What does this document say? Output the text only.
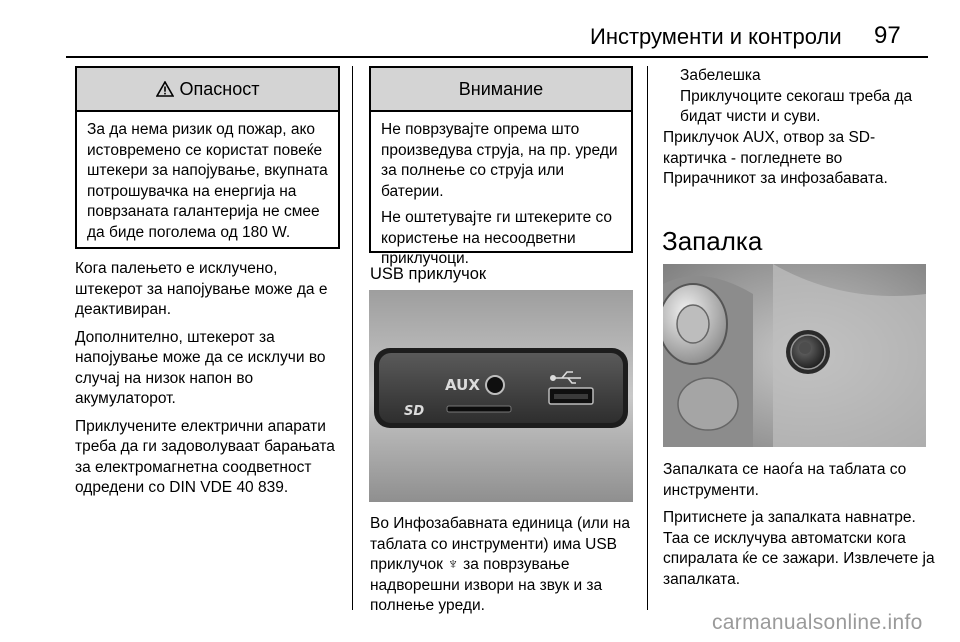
Инструменти и контроли 97
Опасност

За да нема ризик од пожар, ако истовремено се користат повеќе штекери за напојување, вкупната потрошувачка на енергија на поврзаната галантерија не смее да биде поголема од 180 W.

Кога палењето е исклучено, штекерот за напојување може да е деактивиран.

Дополнително, штекерот за напојување може да се исклучи во случај на низок напон во акумулаторот.

Приклучените електрични апарати треба да ги задоволуваат барањата за електромагнетна соодветност одредени со DIN VDE 40 839.

Внимание

Не поврзувајте опрема што произведува струја, на пр. уреди за полнење со струја или батерии.

Не оштетувајте ги штекерите со користење на несоодветни приклучоци.

USB приклучок
AUX
SD
Во Инфозабавната единица (или на таблата со инструменти) има USB приклучок ♆ за поврзување надворешни извори на звук и за полнење уреди.
Забелешка
Приклучоците секогаш треба да бидат чисти и суви.
Приклучок AUX, отвор за SD-картичка - погледнете во Прирачникот за инфозабавата.
Запалка

Запалката се наоѓа на таблата со инструменти.

Притиснете ја запалката навнатре. Таа се исклучува автоматски кога спиралата ќе се зажари. Извлечете ја запалката.

carmanualsonline.info
